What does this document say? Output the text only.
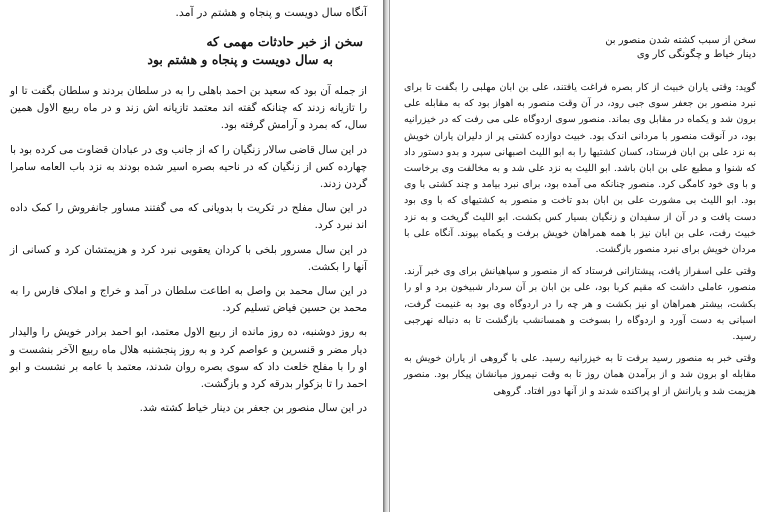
آنگاه سال دویست و پنجاه و هشتم در آمد.
سخن از خبر حادثات مهمی که
به سال دویست و پنجاه و هشتم بود

از جمله آن بود که سعید بن احمد باهلی را به در سلطان بردند و سلطان بگفت تا او را تازیانه زدند که چنانکه گفته اند معتمد تازیانه اش زند و در ماه ربیع الاول همین سال، که بمرد و آرامش گرفته بود.

در این سال قاضی سالار زنگیان را که از جانب وی در عبادان قضاوت می کرده بود با چهارده کس از زنگیان که در ناحیه بصره اسیر شده بودند به نزد باب العامه سامرا گردن زدند.

در این سال مفلح در تکریت با بدویانی که می گفتند مساور جانفروش را کمک داده اند نبرد کرد.

در این سال مسرور بلخی با کردان یعقوبی نبرد کرد و هزیمتشان کرد و کسانی از آنها را بکشت.

در این سال محمد بن واصل به اطاعت سلطان در آمد و خراج و املاک فارس را به محمد بن حسین فیاض تسلیم کرد.

به روز دوشنبه، ده روز مانده از ربیع الاول معتمد، ابو احمد برادر خویش را والیدار دیار مضر و قنسرین و عواصم کرد و به روز پنجشنبه هلال ماه ربیع الآخر بنشست و او را با مفلح خلعت داد که سوی بصره روان شدند، معتمد با عامه بر نشست و ابو احمد را تا بزکوار بدرقه کرد و بازگشت.

در این سال منصور بن جعفر بن دینار خیاط کشته شد.

سخن از سبب کشته شدن منصور بن
دینار خیاط و چگونگی کار وی

گوید: وقتی یاران خبیث از کار بصره فراغت یافتند، علی بن ابان مهلبی را بگفت تا برای نبرد منصور بن جعفر سوی جبی رود، در آن وقت منصور به اهواز بود که به مقابله علی برون شد و یکماه در مقابل وی بماند. منصور سوی اردوگاه علی می رفت که در خیزرانیه بود، در آنوقت منصور با مردانی اندک بود. خبیث دوازده کشتی پر از دلیران یاران خویش به نزد علی بن ابان فرستاد، کسان کشتیها را به ابو اللیث اصبهانی سپرد و بدو دستور داد که شنوا و مطیع علی بن ابان باشد. ابو اللیث به نزد علی شد و به مخالفت وی برخاست و با وی خود کامگی کرد. منصور چنانکه می آمده بود، برای نبرد بیامد و چند کشتی با وی بود. ابو اللیث بی مشورت علی بن ابان بدو تاخت و منصور به کشتیهای که با وی بود دست یافت و در آن از سفیدان و زنگیان بسیار کس بکشت. ابو اللیث گریخت و به نزد خبیث رفت، علی بن ابان نیز با همه همراهان خویش برفت و یکماه بپوند. آنگاه علی با مردان خویش برای نبرد منصور بازگشت.

وقتی علی اسفراز یافت، پیشتازانی فرستاد که از منصور و سپاهیانش برای وی خبر آرند. منصور، عاملی داشت که مقیم کربا بود، علی بن ابان بر آن سردار شبیخون برد و او را بکشت، بیشتر همراهان او نیز بکشت و هر چه را در اردوگاه وی بود به غنیمت گرفت، اسبانی به دست آورد و اردوگاه را بسوخت و همسانشب بازگشت تا به دنباله نهرجبی رسید.

وقتی خبر به منصور رسید برفت تا به خیزرانیه رسید. علی با گروهی از یاران خویش به مقابله او برون شد و از برآمدن همان روز تا به وقت نیمروز میانشان پیکار بود. منصور هزیمت شد و یارانش از او پراکنده شدند و از آنها دور افتاد. گروهی
